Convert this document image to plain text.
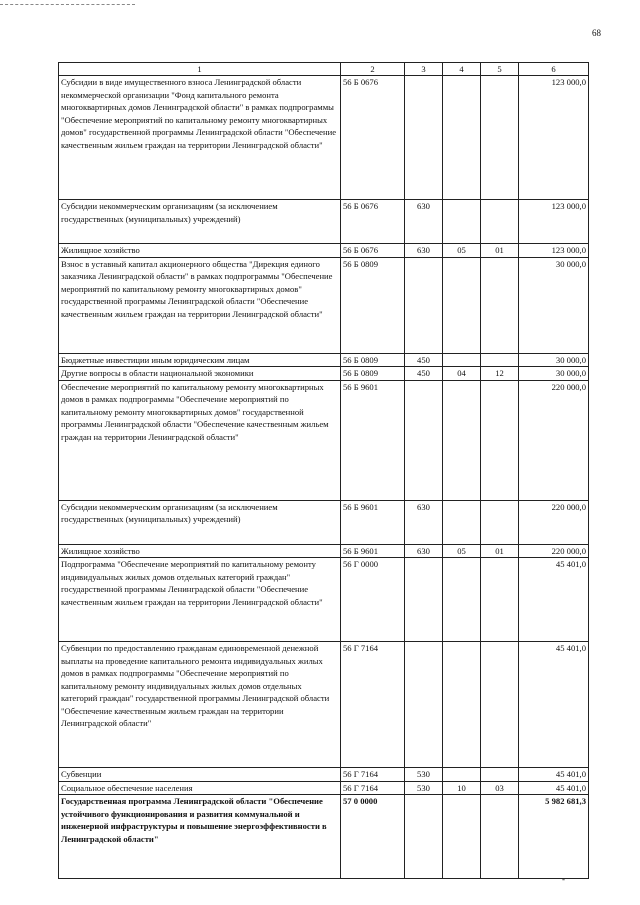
68
1	2	3	4	5	6
Субсидии в виде имущественного взноса Ленинградской области некоммерческой организации "Фонд капитального ремонта многоквартирных домов Ленинградской области" в рамках подпрограммы "Обеспечение мероприятий по капитальному ремонту многоквартирных домов" государственной программы Ленинградской области "Обеспечение качественным жильем граждан на территории Ленинградской области"	56 Б 0676				123 000,0
Субсидии некоммерческим организациям (за исключением государственных (муниципальных) учреждений)	56 Б 0676	630			123 000,0
Жилищное хозяйство	56 Б 0676	630	05	01	123 000,0
Взнос в уставный капитал акционерного общества "Дирекция единого заказчика Ленинградской области" в рамках подпрограммы "Обеспечение мероприятий по капитальному ремонту многоквартирных домов" государственной программы Ленинградской области "Обеспечение качественным жильем граждан на территории Ленинградской области"	56 Б 0809				30 000,0
Бюджетные инвестиции иным юридическим лицам	56 Б 0809	450			30 000,0
Другие вопросы в области национальной экономики	56 Б 0809	450	04	12	30 000,0
Обеспечение мероприятий по капитальному ремонту многоквартирных домов в рамках подпрограммы "Обеспечение мероприятий по капитальному ремонту многоквартирных домов" государственной программы Ленинградской области "Обеспечение качественным жильем граждан на территории Ленинградской области"	56 Б 9601				220 000,0
Субсидии некоммерческим организациям (за исключением государственных (муниципальных) учреждений)	56 Б 9601	630			220 000,0
Жилищное хозяйство	56 Б 9601	630	05	01	220 000,0
Подпрограмма "Обеспечение мероприятий по капитальному ремонту индивидуальных жилых домов отдельных категорий граждан" государственной программы Ленинградской области "Обеспечение качественным жильем граждан на территории Ленинградской области"	56 Г 0000				45 401,0
Субвенции по предоставлению гражданам единовременной денежной выплаты на проведение капитального ремонта индивидуальных жилых домов в рамках подпрограммы "Обеспечение мероприятий по капитальному ремонту индивидуальных жилых домов отдельных категорий граждан" государственной программы Ленинградской области "Обеспечение качественным жильем граждан на территории Ленинградской области"	56 Г 7164				45 401,0
Субвенции	56 Г 7164	530			45 401,0
Социальное обеспечение населения	56 Г 7164	530	10	03	45 401,0
Государственная программа Ленинградской области "Обеспечение устойчивого функционирования и развития коммунальной и инженерной инфраструктуры и повышение энергоэффективности в Ленинградской области"	57 0 0000				5 982 681,3
-
